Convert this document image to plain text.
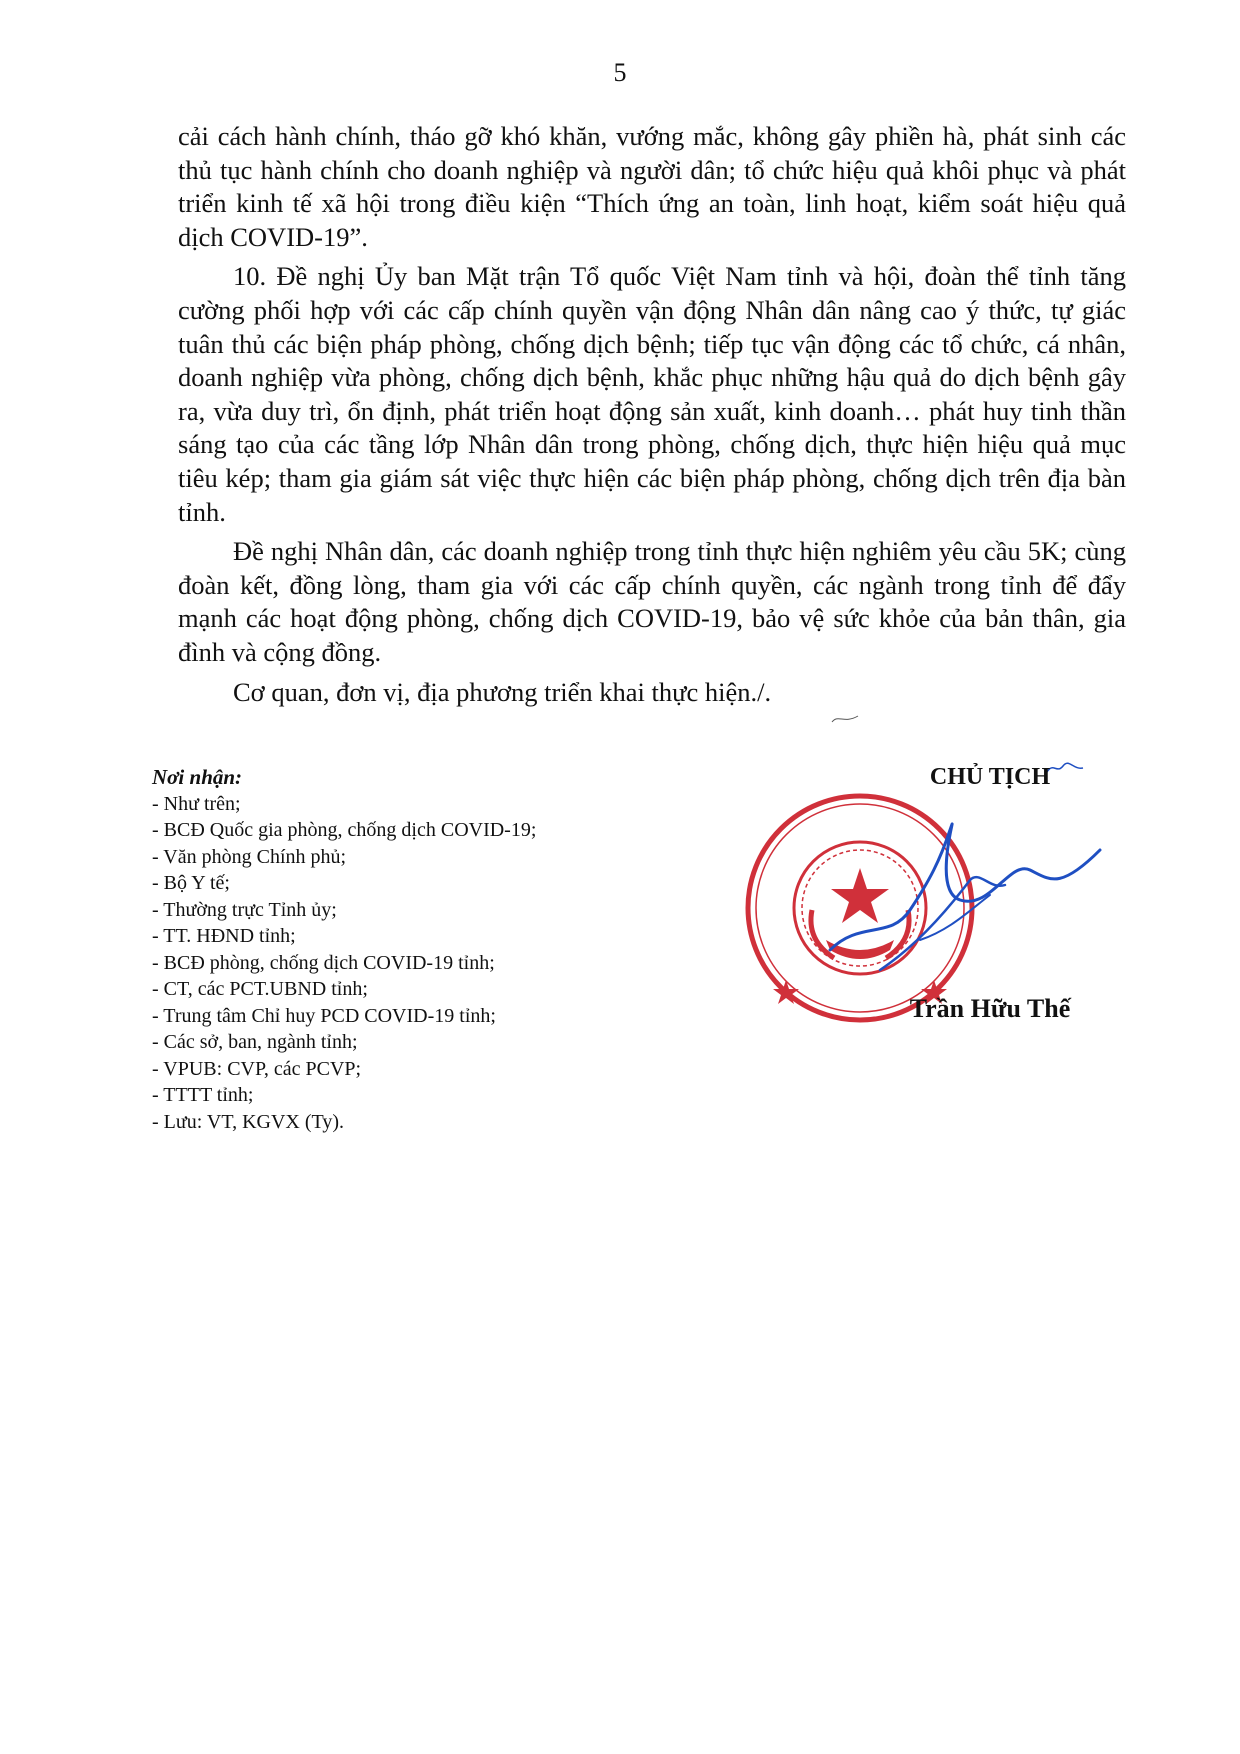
5

cải cách hành chính, tháo gỡ khó khăn, vướng mắc, không gây phiền hà, phát sinh các thủ tục hành chính cho doanh nghiệp và người dân; tổ chức hiệu quả khôi phục và phát triển kinh tế xã hội trong điều kiện “Thích ứng an toàn, linh hoạt, kiểm soát hiệu quả dịch COVID-19”.

10. Đề nghị Ủy ban Mặt trận Tổ quốc Việt Nam tỉnh và hội, đoàn thể tỉnh tăng cường phối hợp với các cấp chính quyền vận động Nhân dân nâng cao ý thức, tự giác tuân thủ các biện pháp phòng, chống dịch bệnh; tiếp tục vận động các tổ chức, cá nhân, doanh nghiệp vừa phòng, chống dịch bệnh, khắc phục những hậu quả do dịch bệnh gây ra, vừa duy trì, ổn định, phát triển hoạt động sản xuất, kinh doanh… phát huy tinh thần sáng tạo của các tầng lớp Nhân dân trong phòng, chống dịch, thực hiện hiệu quả mục tiêu kép; tham gia giám sát việc thực hiện các biện pháp phòng, chống dịch trên địa bàn tỉnh.

Đề nghị Nhân dân, các doanh nghiệp trong tỉnh thực hiện nghiêm yêu cầu 5K; cùng đoàn kết, đồng lòng, tham gia với các cấp chính quyền, các ngành trong tỉnh để đẩy mạnh các hoạt động phòng, chống dịch COVID-19, bảo vệ sức khỏe của bản thân, gia đình và cộng đồng.

Cơ quan, đơn vị, địa phương triển khai thực hiện./.

Nơi nhận:
- Như trên;
- BCĐ Quốc gia phòng, chống dịch COVID-19;
- Văn phòng Chính phủ;
- Bộ Y tế;
- Thường trực Tỉnh ủy;
- TT. HĐND tỉnh;
- BCĐ phòng, chống dịch COVID-19 tỉnh;
- CT, các PCT.UBND tỉnh;
- Trung tâm Chỉ huy PCD COVID-19 tỉnh;
- Các sở, ban, ngành tỉnh;
- VPUB: CVP, các PCVP;
- TTTT tỉnh;
- Lưu: VT, KGVX (Ty).
CHỦ TỊCH
Trần Hữu Thế
